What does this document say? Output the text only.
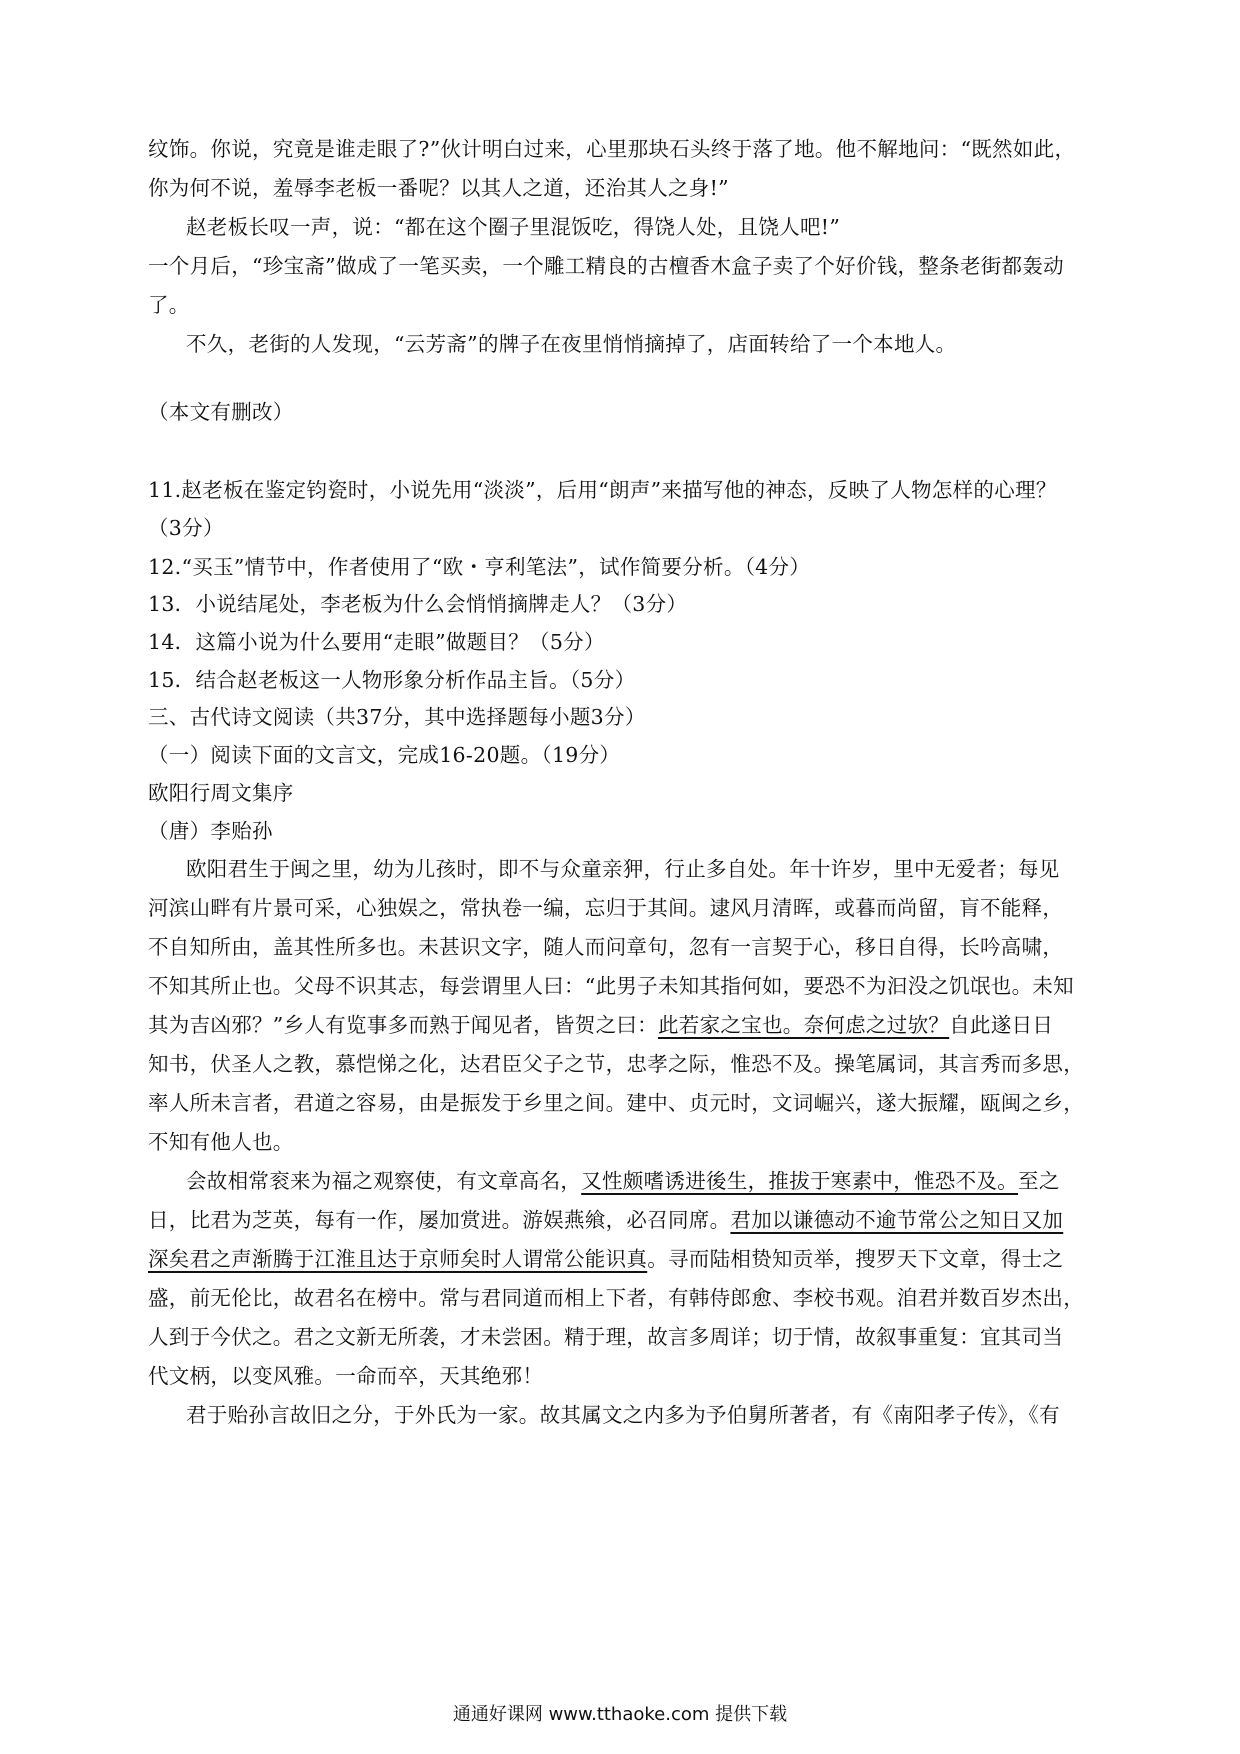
纹饰。你说，究竟是谁走眼了?”伙计明白过来，心里那块石头终于落了地。他不解地问：“既然如此，
你为何不说，羞辱李老板一番呢？以其人之道，还治其人之身!”
赵老板长叹一声，说：“都在这个圈子里混饭吃，得饶人处，且饶人吧!”
一个月后，“珍宝斋”做成了一笔买卖，一个雕工精良的古檀香木盒子卖了个好价钱，整条老街都轰动
了。
不久，老街的人发现，“云芳斋”的牌子在夜里悄悄摘掉了，店面转给了一个本地人。
（本文有删改）
11.赵老板在鉴定钧瓷时，小说先用“淡淡”，后用“朗声”来描写他的神态，反映了人物怎样的心理？
（3分）
12.“买玉”情节中，作者使用了“欧・亨利笔法”，试作简要分析。（4分）
13．小说结尾处，李老板为什么会悄悄摘牌走人？（3分）
14．这篇小说为什么要用“走眼”做题目？（5分）
15．结合赵老板这一人物形象分析作品主旨。（5分）
三、古代诗文阅读（共37分，其中选择题每小题3分）
（一）阅读下面的文言文，完成16-20题。（19分）
欧阳行周文集序
（唐）李贻孙
欧阳君生于闽之里，幼为儿孩时，即不与众童亲狎，行止多自处。年十许岁，里中无爱者；每见
河滨山畔有片景可采，心独娱之，常执卷一编，忘归于其间。逮风月清晖，或暮而尚留，肓不能释，
不自知所由，盖其性所多也。未甚识文字，随人而问章句，忽有一言契于心，移日自得，长吟高啸，
不知其所止也。父母不识其志，每尝谓里人曰：“此男子未知其指何如，要恐不为汩没之饥氓也。未知
其为吉凶邪？”乡人有览事多而熟于闻见者，皆贺之曰：此若家之宝也。奈何虑之过欤？自此遂日日
知书，伏圣人之教，慕恺悌之化，达君臣父子之节，忠孝之际，惟恐不及。操笔属词，其言秀而多思，
率人所未言者，君道之容易，由是振发于乡里之间。建中、贞元时，文词崛兴，遂大振耀，瓯闽之乡，
不知有他人也。
会故相常衮来为福之观察使，有文章高名，又性颇嗜诱进後生，推拔于寒素中，惟恐不及。至之
日，比君为芝英，每有一作，屡加赏进。游娱燕飨，必召同席。君加以谦德动不逾节常公之知日又加
深矣君之声渐腾于江淮且达于京师矣时人谓常公能识真。寻而陆相贽知贡举，搜罗天下文章，得士之
盛，前无伦比，故君名在榜中。常与君同道而相上下者，有韩侍郎愈、李校书观。洎君并数百岁杰出，
人到于今伏之。君之文新无所袭，才未尝困。精于理，故言多周详；切于情，故叙事重复：宜其司当
代文柄，以变风雅。一命而卒，天其绝邪！
君于贻孙言故旧之分，于外氏为一家。故其属文之内多为予伯舅所著者，有《南阳孝子传》，《有
通通好课网 www.tthaoke.com 提供下载
